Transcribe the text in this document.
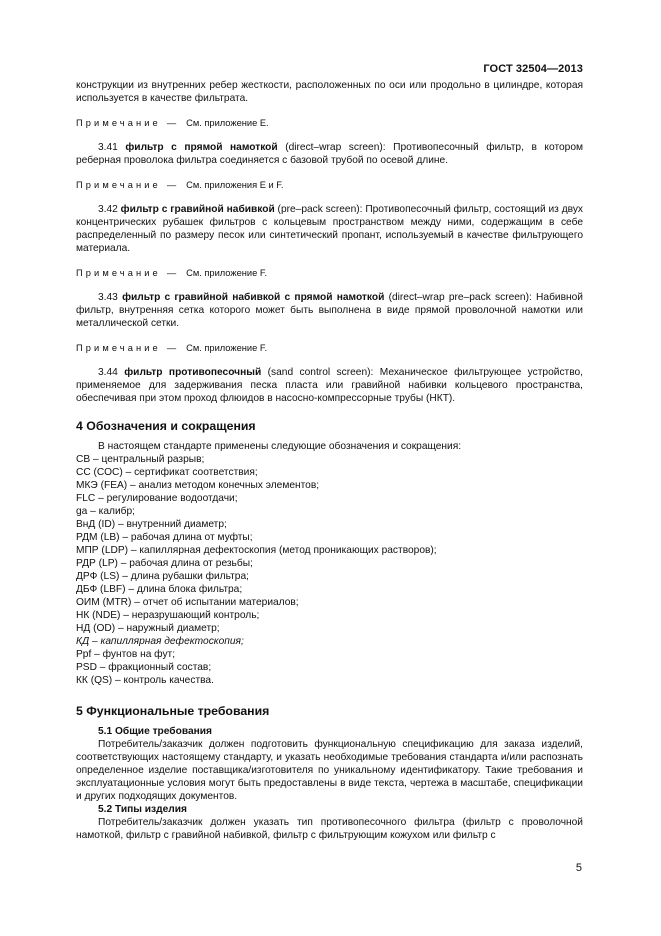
ГОСТ 32504—2013

конструкции из внутренних ребер жесткости, расположенных по оси или продольно в цилиндре, которая используется в качестве фильтрата.

Примечание — См. приложение Е.

3.41 фильтр с прямой намоткой (direct–wrap screen): Противопесочный фильтр, в котором реберная проволока фильтра соединяется с базовой трубой по осевой длине.

Примечание — См. приложения E и F.

3.42 фильтр с гравийной набивкой (pre–pack screen): Противопесочный фильтр, состоящий из двух концентрических рубашек фильтров с кольцевым пространством между ними, содержащим в себе распределенный по размеру песок или синтетический пропант, используемый в качестве фильтрующего материала.

Примечание — См. приложение F.

3.43 фильтр с гравийной набивкой с прямой намоткой (direct–wrap pre–pack screen): Набивной фильтр, внутренняя сетка которого может быть выполнена в виде прямой проволочной намотки или металлической сетки.

Примечание — См. приложение F.

3.44 фильтр противопесочный (sand control screen): Механическое фильтрующее устройство, применяемое для задерживания песка пласта или гравийной набивки кольцевого пространства, обеспечивая при этом проход флюидов в насосно-компрессорные трубы (НКТ).

4 Обозначения и сокращения

В настоящем стандарте применены следующие обозначения и сокращения:

СВ – центральный разрыв;
СС (СОС) – сертификат соответствия;
МКЭ (FEA) – анализ методом конечных элементов;
FLC – регулирование водоотдачи;
ga – калибр;
ВнД (ID) – внутренний диаметр;
РДМ (LB) – рабочая длина от муфты;
МПР (LDP) – капиллярная дефектоскопия (метод проникающих растворов);
РДР (LP) – рабочая длина от резьбы;
ДРФ (LS) – длина рубашки фильтра;
ДБФ (LBF) – длина блока фильтра;
ОИМ (MTR) – отчет об испытании материалов;
НК (NDE) – неразрушающий контроль;
НД (OD) – наружный диаметр;
КД – капиллярная дефектоскопия;
Ppf – фунтов на фут;
PSD – фракционный состав;
КК (QS) – контроль качества.
5 Функциональные требования
5.1 Общие требования

Потребитель/заказчик должен подготовить функциональную спецификацию для заказа изделий, соответствующих настоящему стандарту, и указать необходимые требования стандарта и/или распознать определенное изделие поставщика/изготовителя по уникальному идентификатору. Такие требования и эксплуатационные условия могут быть предоставлены в виде текста, чертежа в масштабе, спецификации и других подходящих документов.

5.2 Типы изделия

Потребитель/заказчик должен указать тип противопесочного фильтра (фильтр с проволочной намоткой, фильтр с гравийной набивкой, фильтр с фильтрующим кожухом или фильтр с

5
